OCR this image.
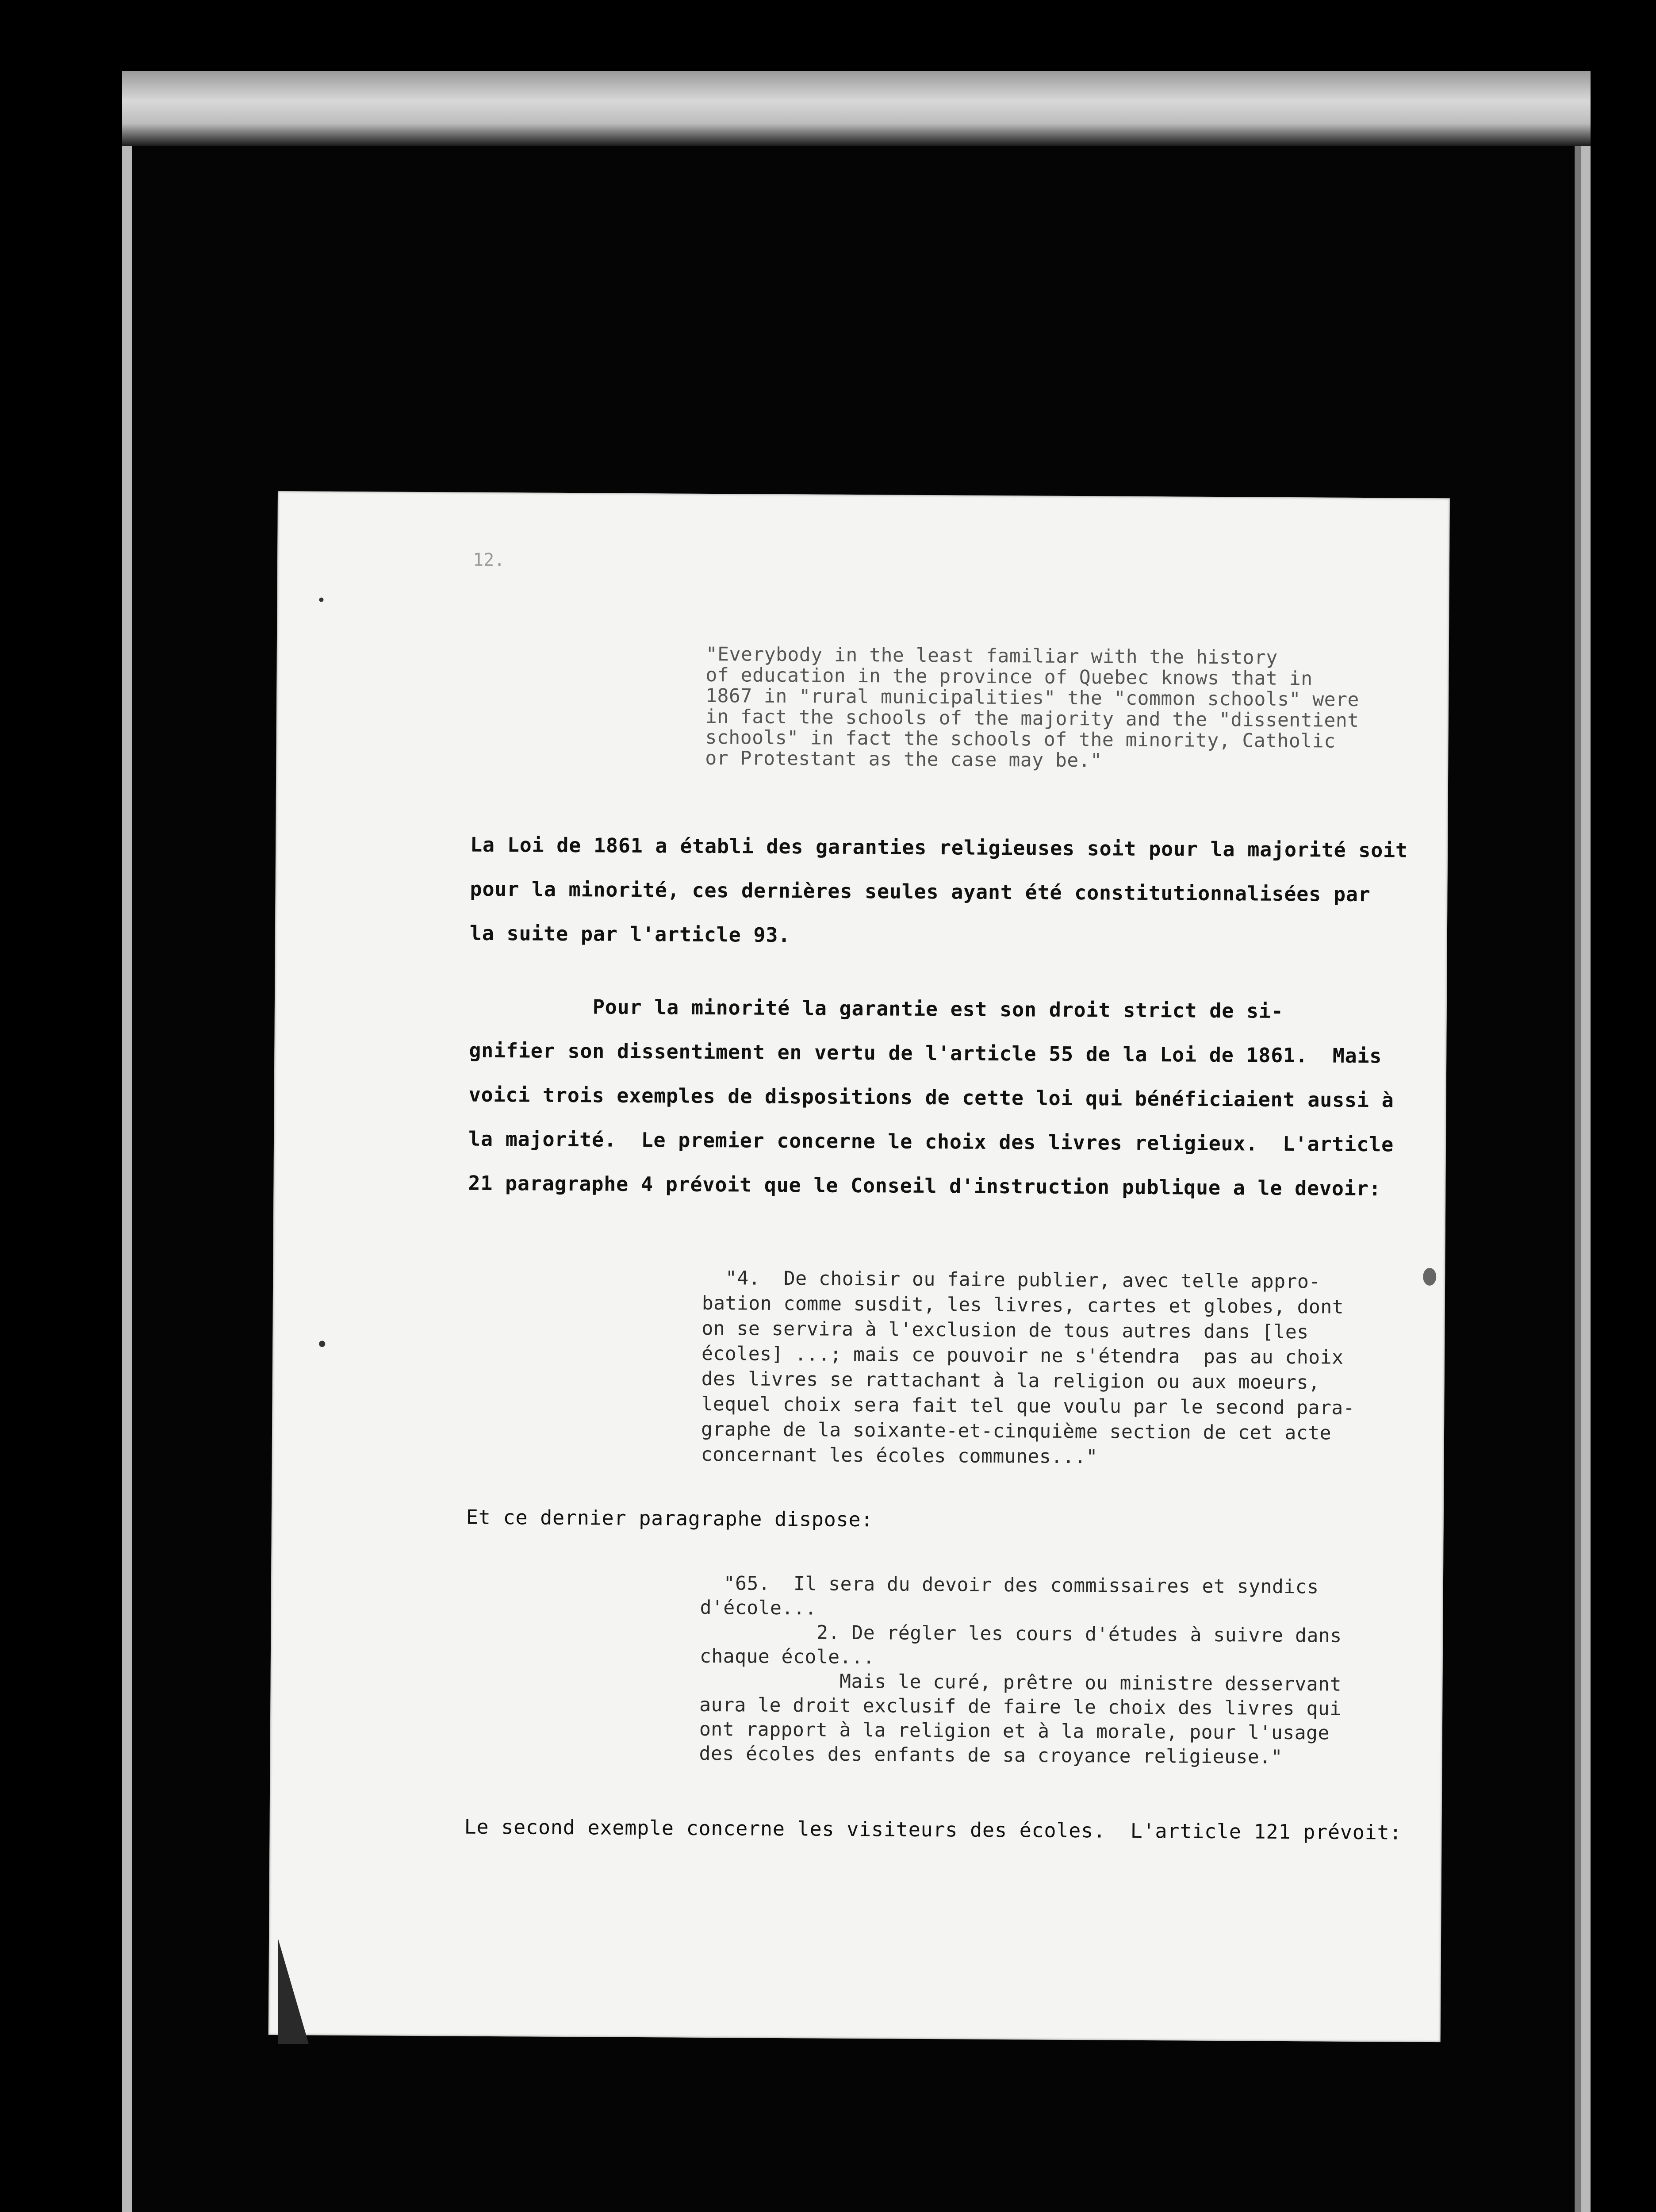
12.
"Everybody in the least familiar with the history
of education in the province of Quebec knows that in
1867 in "rural municipalities" the "common schools" were
in fact the schools of the majority and the "dissentient
schools" in fact the schools of the minority, Catholic
or Protestant as the case may be."
La Loi de 1861 a établi des garanties religieuses soit pour la majorité soit
pour la minorité, ces dernières seules ayant été constitutionnalisées par
la suite par l'article 93.
Pour la minorité la garantie est son droit strict de si-
gnifier son dissentiment en vertu de l'article 55 de la Loi de 1861.  Mais
voici trois exemples de dispositions de cette loi qui bénéficiaient aussi à
la majorité.  Le premier concerne le choix des livres religieux.  L'article
21 paragraphe 4 prévoit que le Conseil d'instruction publique a le devoir:
"4.  De choisir ou faire publier, avec telle appro-
bation comme susdit, les livres, cartes et globes, dont
on se servira à l'exclusion de tous autres dans [les
écoles] ...; mais ce pouvoir ne s'étendra  pas au choix
des livres se rattachant à la religion ou aux moeurs,
lequel choix sera fait tel que voulu par le second para-
graphe de la soixante-et-cinquième section de cet acte
concernant les écoles communes..."
Et ce dernier paragraphe dispose:
"65.  Il sera du devoir des commissaires et syndics
d'école...
2. De régler les cours d'études à suivre dans
chaque école...
Mais le curé, prêtre ou ministre desservant
aura le droit exclusif de faire le choix des livres qui
ont rapport à la religion et à la morale, pour l'usage
des écoles des enfants de sa croyance religieuse."
Le second exemple concerne les visiteurs des écoles.  L'article 121 prévoit:
